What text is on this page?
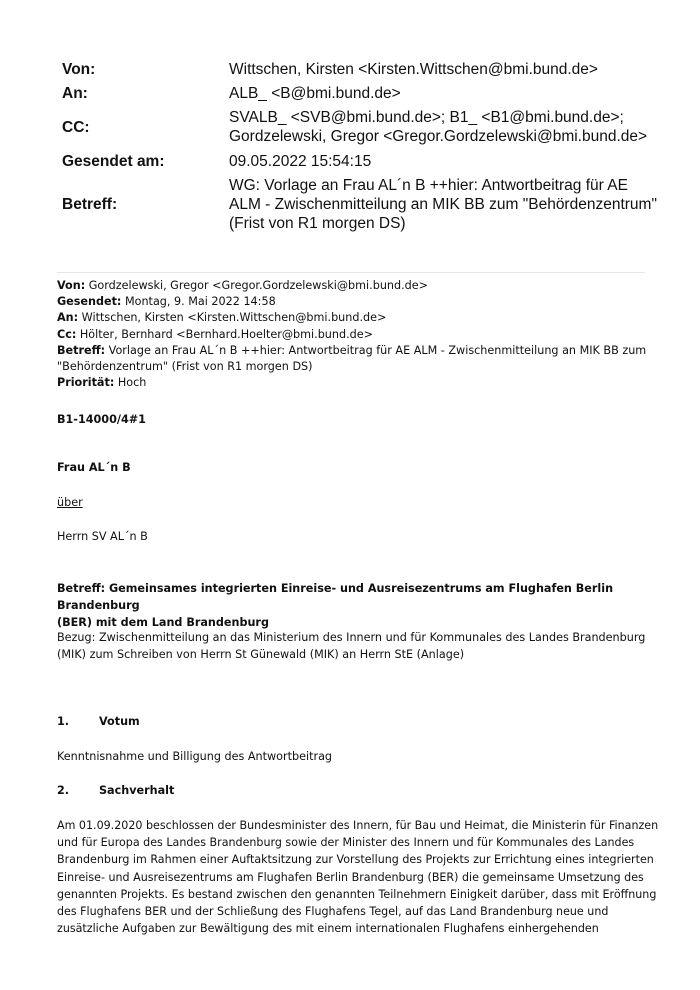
Von:	Wittschen, Kirsten <Kirsten.Wittschen@bmi.bund.de>
An:	ALB_ <B@bmi.bund.de>
CC:
SVALB_ <SVB@bmi.bund.de>; B1_ <B1@bmi.bund.de>;
Gordzelewski, Gregor <Gregor.Gordzelewski@bmi.bund.de>
Gesendet am:	09.05.2022 15:54:15
Betreff:
WG: Vorlage an Frau AL´n B ++hier: Antwortbeitrag für AE
ALM - Zwischenmitteilung an MIK BB zum "Behördenzentrum"
(Frist von R1 morgen DS)
Von: Gordzelewski, Gregor <Gregor.Gordzelewski@bmi.bund.de>
Gesendet: Montag, 9. Mai 2022 14:58
An: Wittschen, Kirsten <Kirsten.Wittschen@bmi.bund.de>
Cc: Hölter, Bernhard <Bernhard.Hoelter@bmi.bund.de>
Betreff: Vorlage an Frau AL´n B ++hier: Antwortbeitrag für AE ALM - Zwischenmitteilung an MIK BB zum
"Behördenzentrum" (Frist von R1 morgen DS)
Priorität: Hoch
B1-14000/4#1
Frau AL´n B
über
Herrn SV AL´n B

Betreff: Gemeinsames integrierten Einreise- und Ausreisezentrums am Flughafen Berlin Brandenburg

(BER) mit dem Land Brandenburg

Bezug: Zwischenmitteilung an das Ministerium des Innern und für Kommunales des Landes Brandenburg

(MIK) zum Schreiben von Herrn St Günewald (MIK) an Herrn StE (Anlage)

1.	Votum
Kenntnisnahme und Billigung des Antwortbeitrag
2.	Sachverhalt

Am 01.09.2020 beschlossen der Bundesminister des Innern, für Bau und Heimat, die Ministerin für Finanzen

und für Europa des Landes Brandenburg sowie der Minister des Innern und für Kommunales des Landes

Brandenburg im Rahmen einer Auftaktsitzung zur Vorstellung des Projekts zur Errichtung eines integrierten

Einreise- und Ausreisezentrums am Flughafen Berlin Brandenburg (BER) die gemeinsame Umsetzung des

genannten Projekts. Es bestand zwischen den genannten Teilnehmern Einigkeit darüber, dass mit Eröffnung

des Flughafens BER und der Schließung des Flughafens Tegel, auf das Land Brandenburg neue und

zusätzliche Aufgaben zur Bewältigung des mit einem internationalen Flughafens einhergehenden
